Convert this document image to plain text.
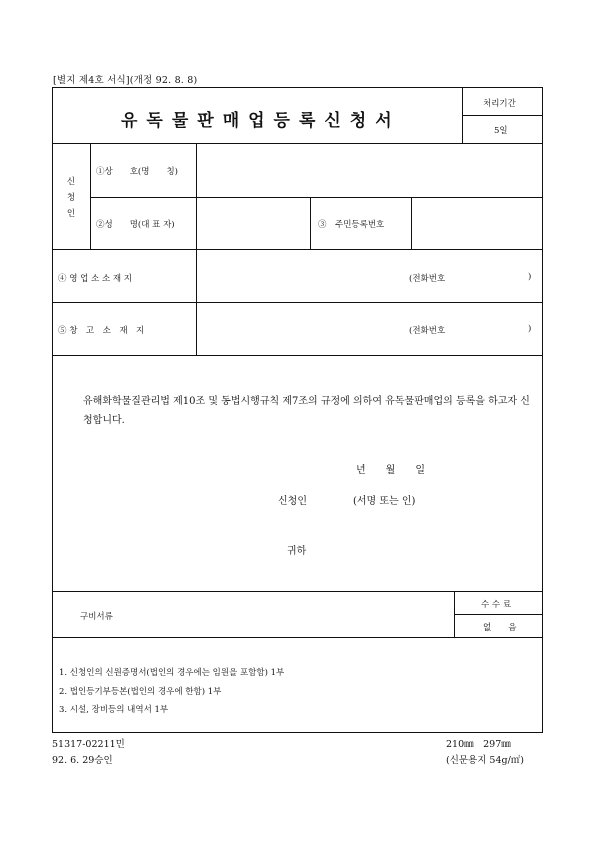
[별지 제4호 서식](개정 92. 8. 8)
유독물판매업등록신청서
처리기간
5일
신 청 인
①상　　호(명　　칭)
②성　　명(대 표 자)	③　주민등록번호
④ 영 업 소 소 재 지	(전화번호	)
⑤ 창　고　소　재　지	(전화번호	)
유해화학물질관리법 제10조 및 동법시행규칙 제7조의 규정에 의하여 유독물판매업의 등록을 하고자 신청합니다.
년　　월　　일
신청인	(서명 또는 인)
귀하
구비서류
수 수 료
없　　음
1. 신청인의 신원증명서(법인의 경우에는 임원을 포함함) 1부
2. 법인등기부등본(법인의 경우에 한함) 1부
3. 시설, 장비등의 내역서 1부
51317-02211민
92. 6. 29승인
210㎜　297㎜
(신문용지 54g/㎡)
